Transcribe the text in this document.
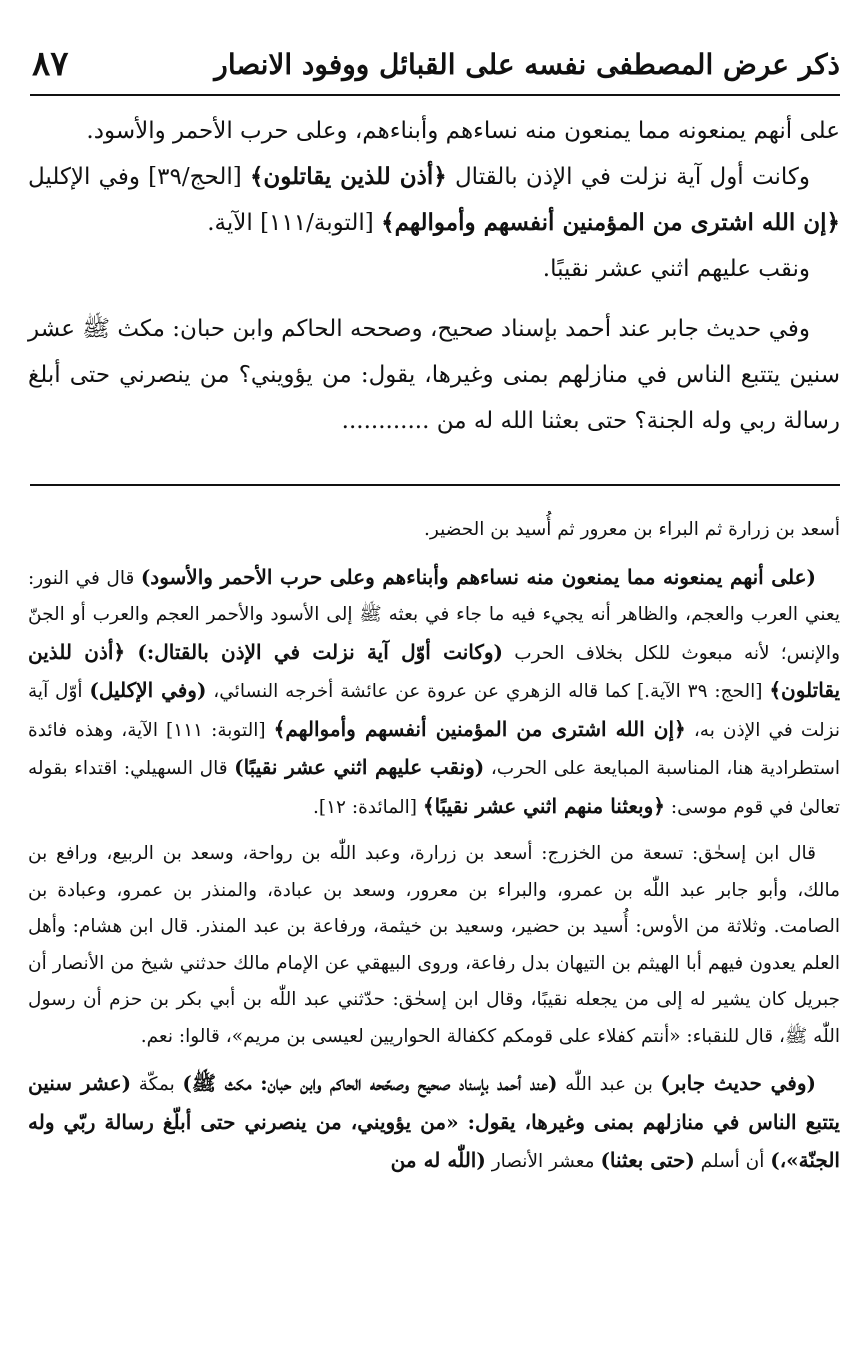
٨٧	ذكر عرض المصطفى نفسه على القبائل ووفود الانصار

على أنهم يمنعونه مما يمنعون منه نساءهم وأبناءهم، وعلى حرب الأحمر والأسود.

وكانت أول آية نزلت في الإذن بالقتال ﴿أذن للذين يقاتلون﴾ [الحج/٣٩] وفي الإكليل ﴿إن الله اشترى من المؤمنين أنفسهم وأموالهم﴾ [التوبة/١١١] الآية.

ونقب عليهم اثني عشر نقيبًا.

وفي حديث جابر عند أحمد بإسناد صحيح، وصححه الحاكم وابن حبان: مكث ﷺ عشر سنين يتتبع الناس في منازلهم بمنى وغيرها، يقول: من يؤويني؟ من ينصرني حتى أبلغ رسالة ربي وله الجنة؟ حتى بعثنا الله له من ............

أسعد بن زرارة ثم البراء بن معرور ثم أُسيد بن الحضير.

(على أنهم يمنعونه مما يمنعون منه نساءهم وأبناءهم وعلى حرب الأحمر والأسود) قال في النور: يعني العرب والعجم، والظاهر أنه يجيء فيه ما جاء في بعثه ﷺ إلى الأسود والأحمر العجم والعرب أو الجنّ والإنس؛ لأنه مبعوث للكل بخلاف الحرب (وكانت أوّل آية نزلت في الإذن بالقتال:) ﴿أذن للذين يقاتلون﴾ [الحج: ٣٩ الآية.] كما قاله الزهري عن عروة عن عائشة أخرجه النسائي، (وفي الإكليل) أوّل آية نزلت في الإذن به، ﴿إن الله اشترى من المؤمنين أنفسهم وأموالهم﴾ [التوبة: ١١١] الآية، وهذه فائدة استطرادية هنا، المناسبة المبايعة على الحرب، (ونقب عليهم اثني عشر نقيبًا) قال السهيلي: اقتداء بقوله تعالىٰ في قوم موسى: ﴿وبعثنا منهم اثني عشر نقيبًا﴾ [المائدة: ١٢].

قال ابن إسحٰق: تسعة من الخزرج: أسعد بن زرارة، وعبد اللّٰه بن رواحة، وسعد بن الربيع، ورافع بن مالك، وأبو جابر عبد اللّٰه بن عمرو، والبراء بن معرور، وسعد بن عبادة، والمنذر بن عمرو، وعبادة بن الصامت. وثلاثة من الأوس: أُسيد بن حضير، وسعيد بن خيثمة، ورفاعة بن عبد المنذر. قال ابن هشام: وأهل العلم يعدون فيهم أبا الهيثم بن التيهان بدل رفاعة، وروى البيهقي عن الإمام مالك حدثني شيخ من الأنصار أن جبريل كان يشير له إلى من يجعله نقيبًا، وقال ابن إسحٰق: حدّثني عبد اللّٰه بن أبي بكر بن حزم أن رسول اللّٰه ﷺ، قال للنقباء: «أنتم كفلاء على قومكم ككفالة الحواريين لعيسى بن مريم»، قالوا: نعم.

(وفي حديث جابر) بن عبد اللّٰه (عند أحمد بإسناد صحيح وصحّحه الحاكم وابن حبان: مكث ﷺ) بمكّة (عشر سنين يتتبع الناس في منازلهم بمنى وغيرها، يقول: «من يؤويني، من ينصرني حتى أبلّغ رسالة ربّي وله الجنّة»،) أن أسلم (حتى بعثنا) معشر الأنصار (اللّٰه له من
